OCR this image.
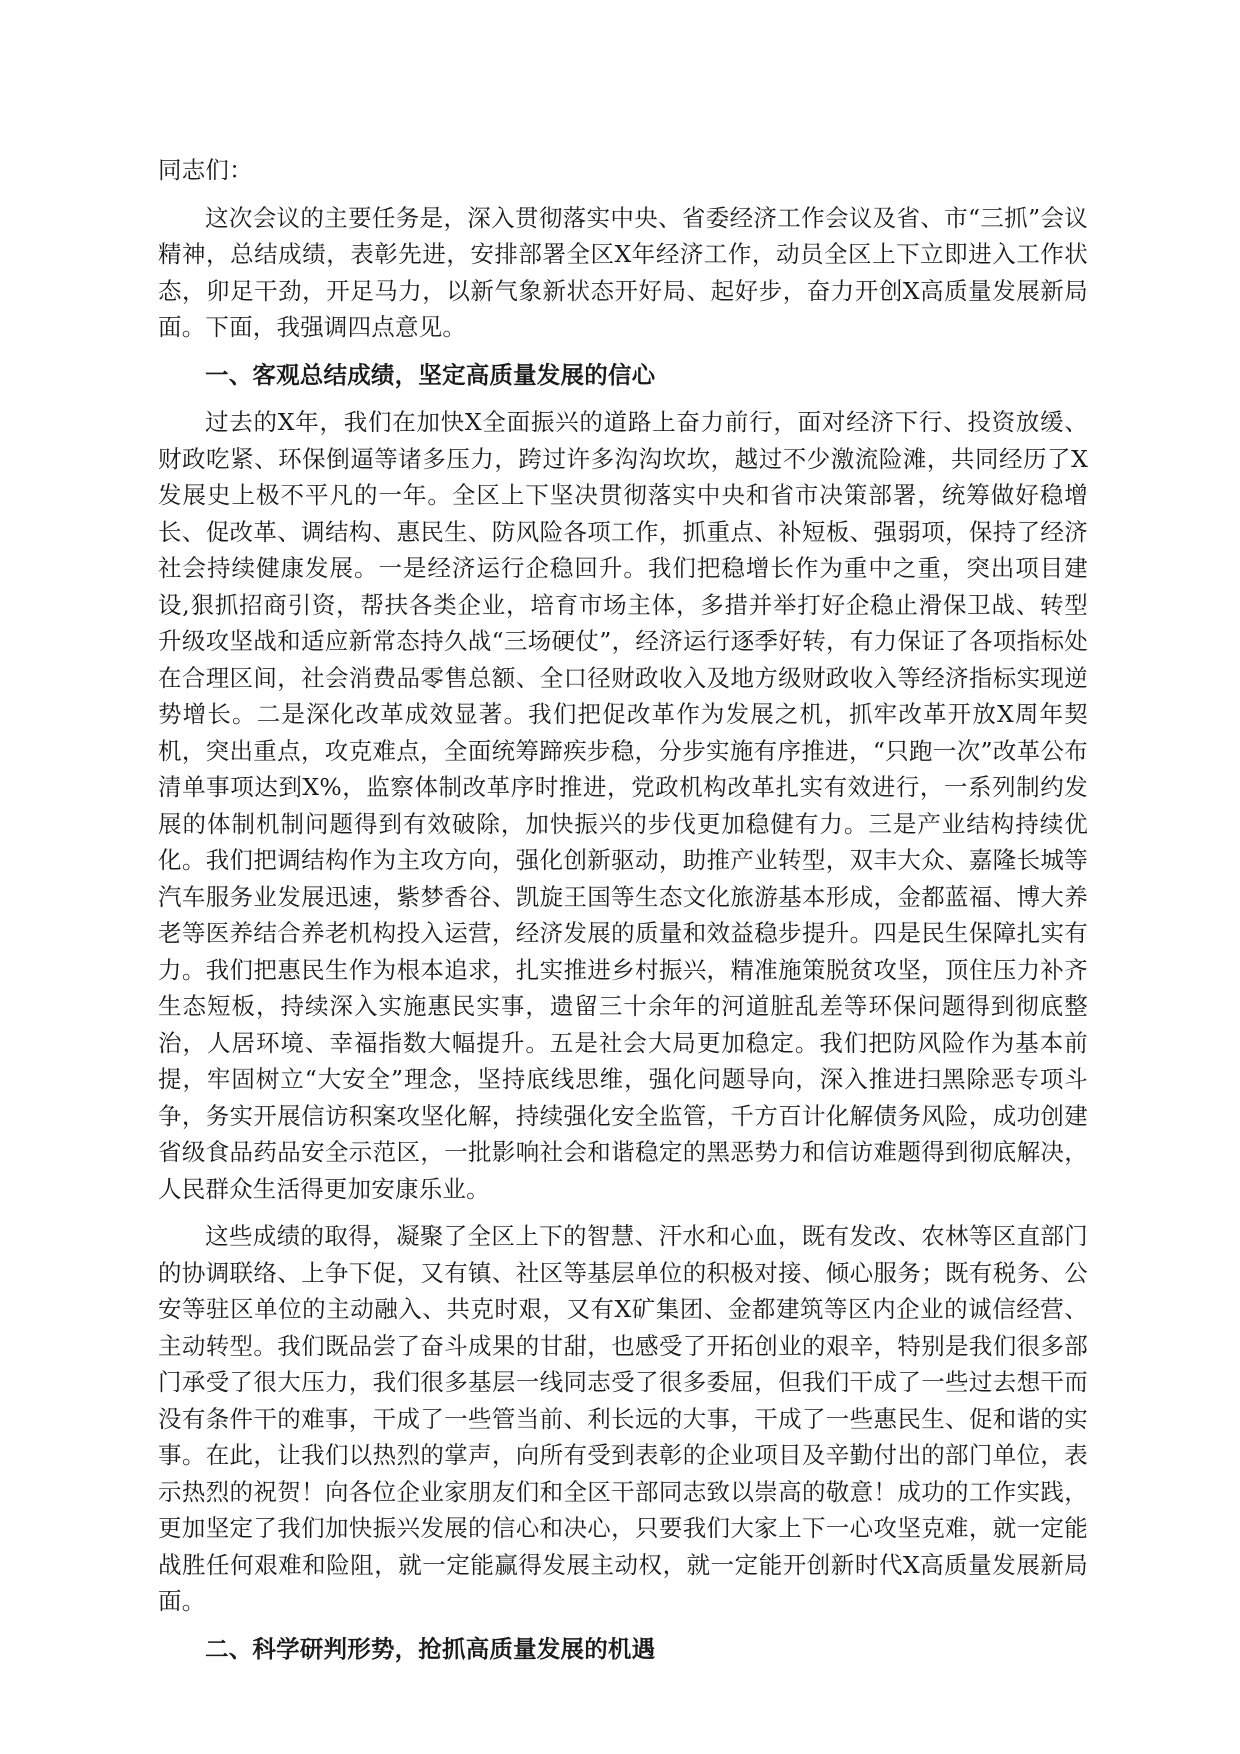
同志们：

这次会议的主要任务是，深入贯彻落实中央、省委经济工作会议及省、市“三抓”会议精神，总结成绩，表彰先进，安排部署全区X年经济工作，动员全区上下立即进入工作状态，卯足干劲，开足马力，以新气象新状态开好局、起好步，奋力开创X高质量发展新局面。下面，我强调四点意见。

一、客观总结成绩，坚定高质量发展的信心

过去的X年，我们在加快X全面振兴的道路上奋力前行，面对经济下行、投资放缓、财政吃紧、环保倒逼等诸多压力，跨过许多沟沟坎坎，越过不少激流险滩，共同经历了X发展史上极不平凡的一年。全区上下坚决贯彻落实中央和省市决策部署，统筹做好稳增长、促改革、调结构、惠民生、防风险各项工作，抓重点、补短板、强弱项，保持了经济社会持续健康发展。一是经济运行企稳回升。我们把稳增长作为重中之重，突出项目建设,狠抓招商引资，帮扶各类企业，培育市场主体，多措并举打好企稳止滑保卫战、转型升级攻坚战和适应新常态持久战“三场硬仗”，经济运行逐季好转，有力保证了各项指标处在合理区间，社会消费品零售总额、全口径财政收入及地方级财政收入等经济指标实现逆势增长。二是深化改革成效显著。我们把促改革作为发展之机，抓牢改革开放X周年契机，突出重点，攻克难点，全面统筹蹄疾步稳，分步实施有序推进，“只跑一次”改革公布清单事项达到X%，监察体制改革序时推进，党政机构改革扎实有效进行，一系列制约发展的体制机制问题得到有效破除，加快振兴的步伐更加稳健有力。三是产业结构持续优化。我们把调结构作为主攻方向，强化创新驱动，助推产业转型，双丰大众、嘉隆长城等汽车服务业发展迅速，紫梦香谷、凯旋王国等生态文化旅游基本形成，金都蓝福、博大养老等医养结合养老机构投入运营，经济发展的质量和效益稳步提升。四是民生保障扎实有力。我们把惠民生作为根本追求，扎实推进乡村振兴，精准施策脱贫攻坚，顶住压力补齐生态短板，持续深入实施惠民实事，遗留三十余年的河道脏乱差等环保问题得到彻底整治，人居环境、幸福指数大幅提升。五是社会大局更加稳定。我们把防风险作为基本前提，牢固树立“大安全”理念，坚持底线思维，强化问题导向，深入推进扫黑除恶专项斗争，务实开展信访积案攻坚化解，持续强化安全监管，千方百计化解债务风险，成功创建省级食品药品安全示范区，一批影响社会和谐稳定的黑恶势力和信访难题得到彻底解决，人民群众生活得更加安康乐业。

这些成绩的取得，凝聚了全区上下的智慧、汗水和心血，既有发改、农林等区直部门的协调联络、上争下促，又有镇、社区等基层单位的积极对接、倾心服务；既有税务、公安等驻区单位的主动融入、共克时艰，又有X矿集团、金都建筑等区内企业的诚信经营、主动转型。我们既品尝了奋斗成果的甘甜，也感受了开拓创业的艰辛，特别是我们很多部门承受了很大压力，我们很多基层一线同志受了很多委屈，但我们干成了一些过去想干而没有条件干的难事，干成了一些管当前、利长远的大事，干成了一些惠民生、促和谐的实事。在此，让我们以热烈的掌声，向所有受到表彰的企业项目及辛勤付出的部门单位，表示热烈的祝贺！向各位企业家朋友们和全区干部同志致以崇高的敬意！成功的工作实践，更加坚定了我们加快振兴发展的信心和决心，只要我们大家上下一心攻坚克难，就一定能战胜任何艰难和险阻，就一定能赢得发展主动权，就一定能开创新时代X高质量发展新局面。

二、科学研判形势，抢抓高质量发展的机遇
